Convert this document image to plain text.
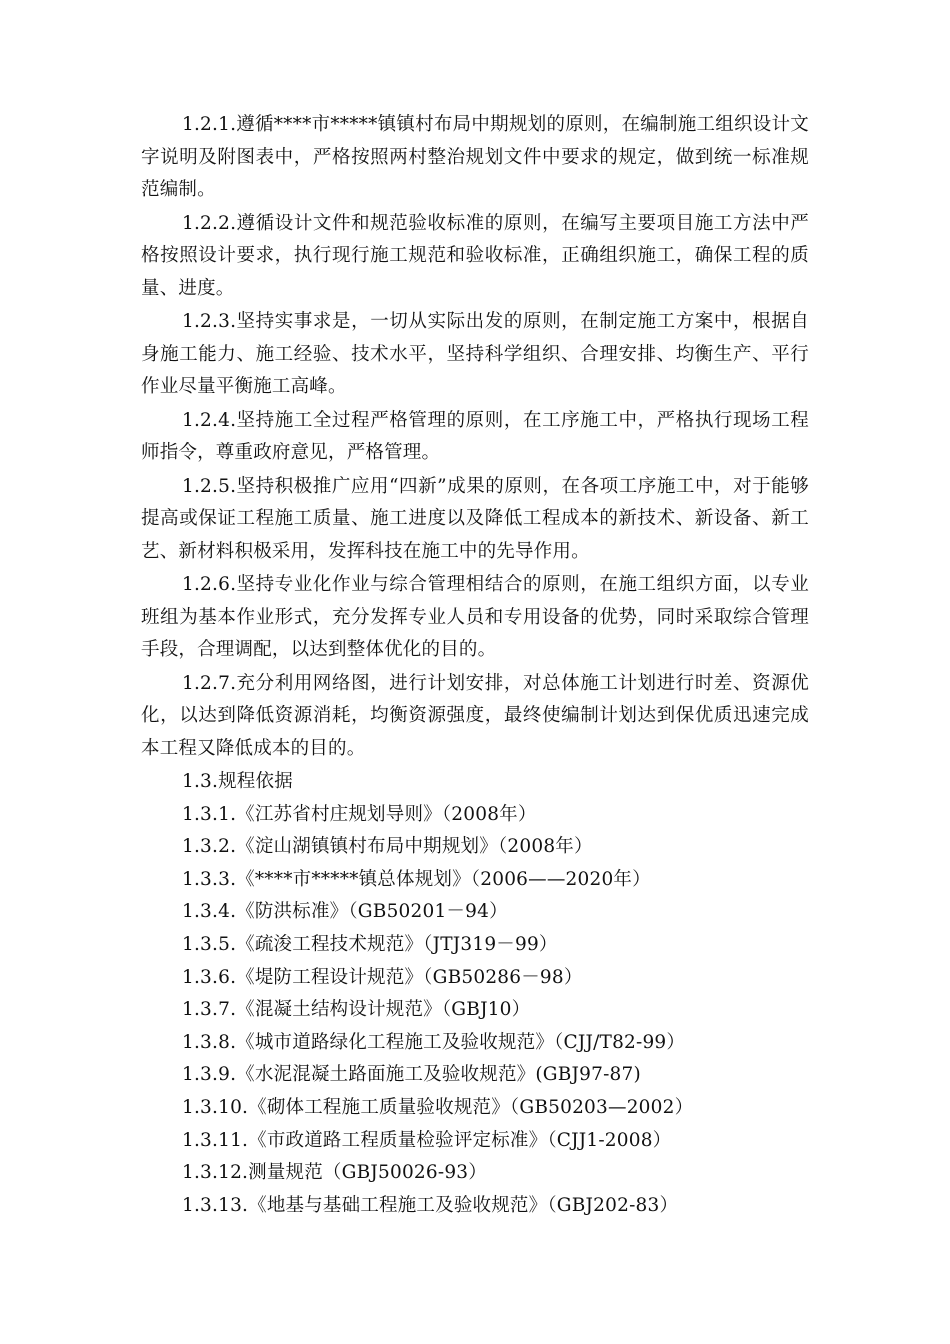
1.2.1.遵循****市*****镇镇村布局中期规划的原则，在编制施工组织设计文字说明及附图表中，严格按照两村整治规划文件中要求的规定，做到统一标准规范编制。

1.2.2.遵循设计文件和规范验收标准的原则，在编写主要项目施工方法中严格按照设计要求，执行现行施工规范和验收标准，正确组织施工，确保工程的质量、进度。

1.2.3.坚持实事求是，一切从实际出发的原则，在制定施工方案中，根据自身施工能力、施工经验、技术水平，坚持科学组织、合理安排、均衡生产、平行作业尽量平衡施工高峰。

1.2.4.坚持施工全过程严格管理的原则，在工序施工中，严格执行现场工程师指令，尊重政府意见，严格管理。

1.2.5.坚持积极推广应用“四新”成果的原则，在各项工序施工中，对于能够提高或保证工程施工质量、施工进度以及降低工程成本的新技术、新设备、新工艺、新材料积极采用，发挥科技在施工中的先导作用。

1.2.6.坚持专业化作业与综合管理相结合的原则，在施工组织方面，以专业班组为基本作业形式，充分发挥专业人员和专用设备的优势，同时采取综合管理手段，合理调配，以达到整体优化的目的。

1.2.7.充分利用网络图，进行计划安排，对总体施工计划进行时差、资源优化，以达到降低资源消耗，均衡资源强度，最终使编制计划达到保优质迅速完成本工程又降低成本的目的。

1.3.规程依据

1.3.1.《江苏省村庄规划导则》（2008年）

1.3.2.《淀山湖镇镇村布局中期规划》（2008年）

1.3.3.《****市*****镇总体规划》（2006——2020年）

1.3.4.《防洪标准》（GB50201－94）

1.3.5.《疏浚工程技术规范》（JTJ319－99）

1.3.6.《堤防工程设计规范》（GB50286－98）

1.3.7.《混凝土结构设计规范》（GBJ10）

1.3.8.《城市道路绿化工程施工及验收规范》（CJJ/T82-99）

1.3.9.《水泥混凝土路面施工及验收规范》(GBJ97-87)

1.3.10.《砌体工程施工质量验收规范》（GB50203—2002）

1.3.11.《市政道路工程质量检验评定标准》（CJJ1-2008）

1.3.12.测量规范（GBJ50026-93）

1.3.13.《地基与基础工程施工及验收规范》（GBJ202-83）
